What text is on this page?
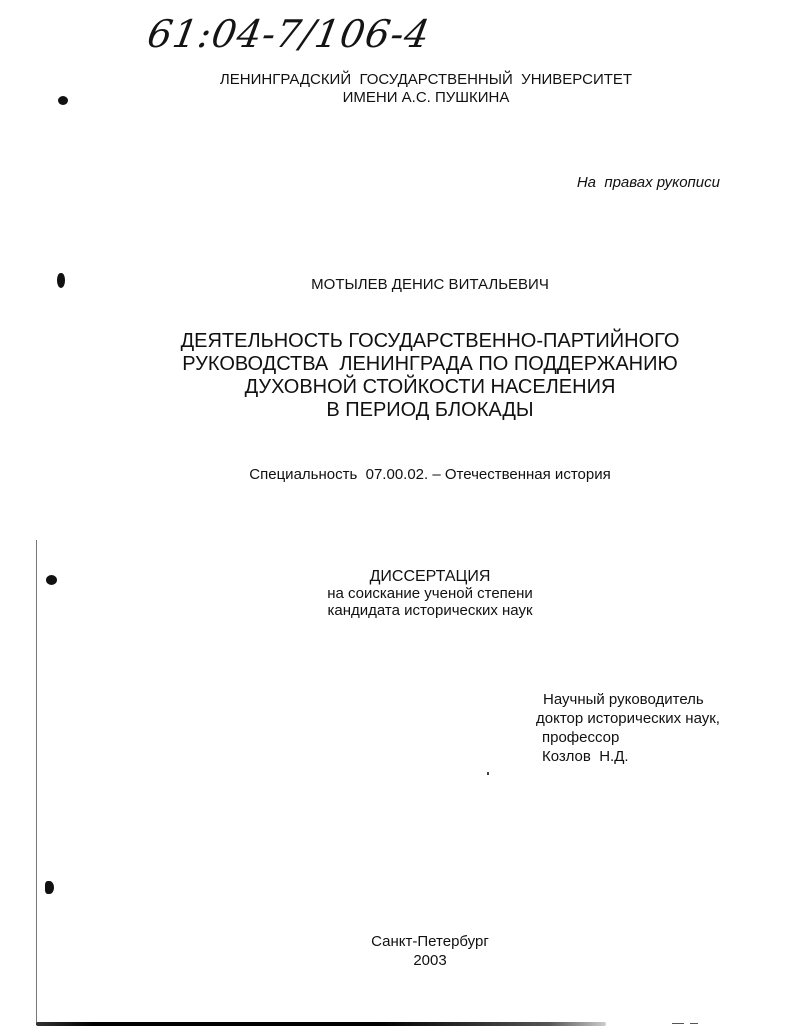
61:04-7/106-4
ЛЕНИНГРАДСКИЙ  ГОСУДАРСТВЕННЫЙ  УНИВЕРСИТЕТ
ИМЕНИ А.С. ПУШКИНА
На  правах рукописи
МОТЫЛЕВ ДЕНИС ВИТАЛЬЕВИЧ
ДЕЯТЕЛЬНОСТЬ ГОСУДАРСТВЕННО-ПАРТИЙНОГО
РУКОВОДСТВА  ЛЕНИНГРАДА ПО ПОДДЕРЖАНИЮ
ДУХОВНОЙ СТОЙКОСТИ НАСЕЛЕНИЯ
В ПЕРИОД БЛОКАДЫ
Специальность  07.00.02. – Отечественная история
ДИССЕРТАЦИЯ
на соискание ученой степени
кандидата исторических наук
Научный руководитель
доктор исторических наук,
профессор
Козлов  Н.Д.
Санкт-Петербург
2003
